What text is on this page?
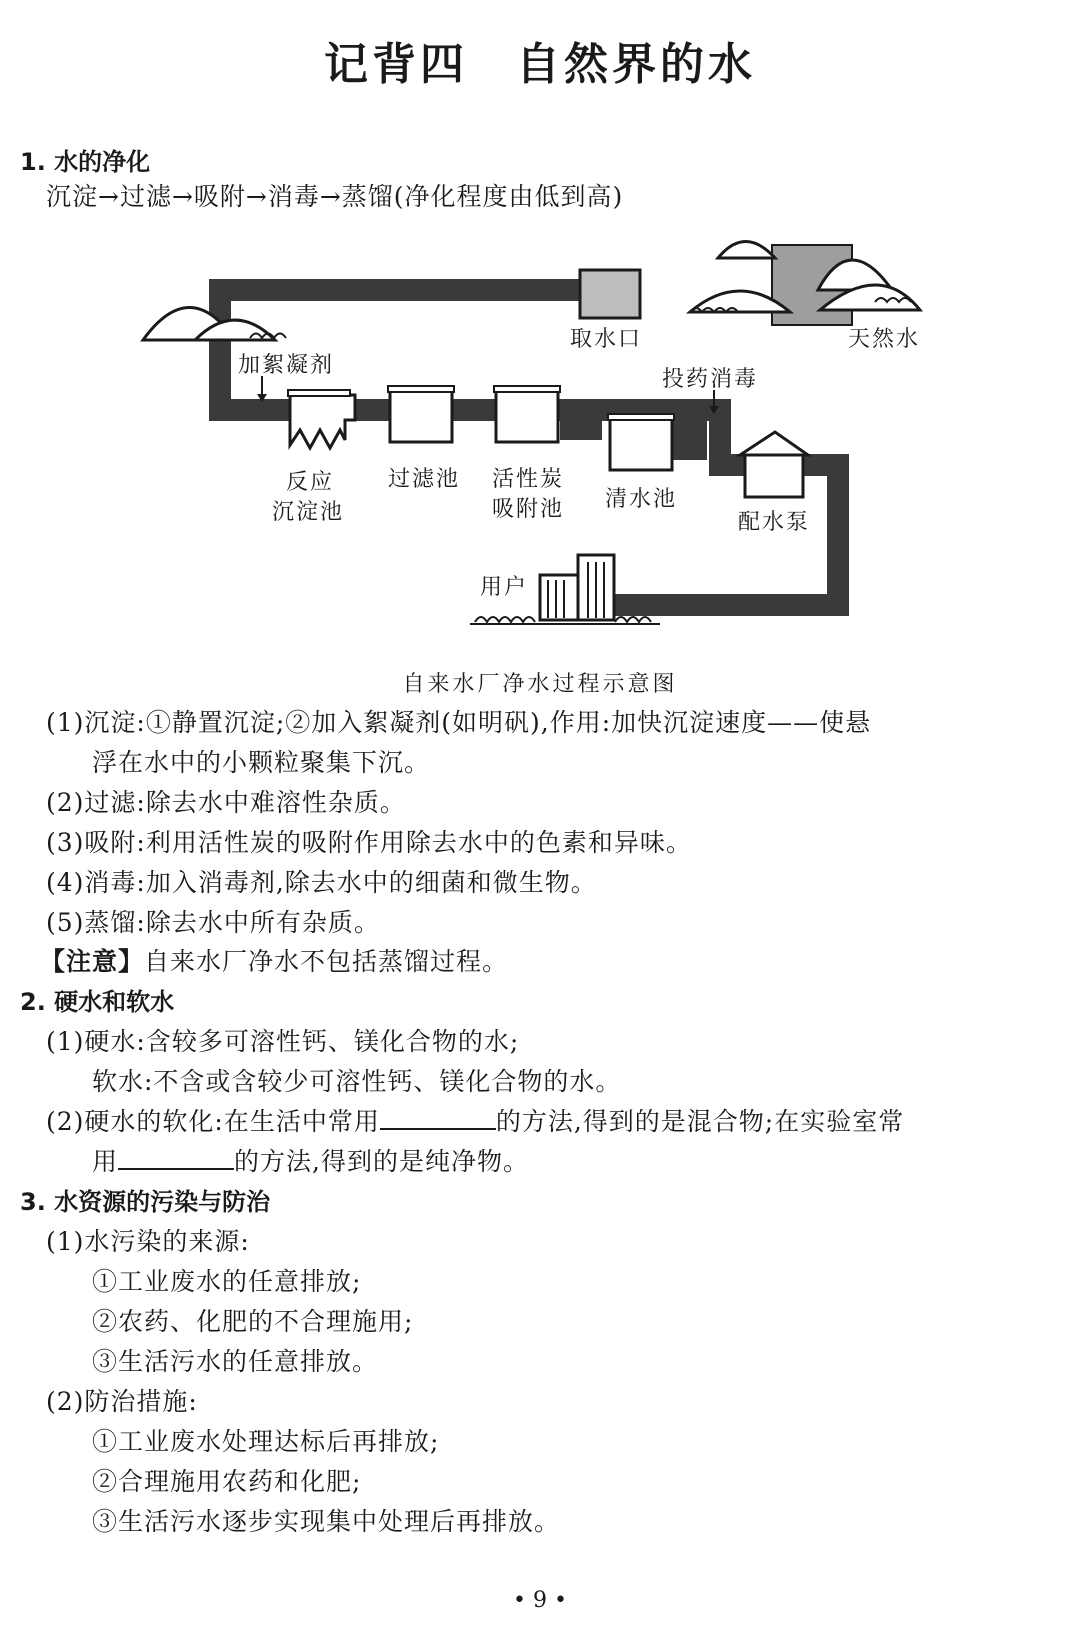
记背四　自然界的水
1. 水的净化
沉淀→过滤→吸附→消毒→蒸馏(净化程度由低到高)
天然水
取水口
加絮凝剂
反应
沉淀池
过滤池 活性炭
吸附池 清水池
投药消毒
配水泵
用户
自来水厂净水过程示意图
(1)沉淀:①静置沉淀;②加入絮凝剂(如明矾),作用:加快沉淀速度——使悬
浮在水中的小颗粒聚集下沉。
(2)过滤:除去水中难溶性杂质。
(3)吸附:利用活性炭的吸附作用除去水中的色素和异味。
(4)消毒:加入消毒剂,除去水中的细菌和微生物。
(5)蒸馏:除去水中所有杂质。
【注意】自来水厂净水不包括蒸馏过程。
2. 硬水和软水
(1)硬水:含较多可溶性钙、镁化合物的水;
软水:不含或含较少可溶性钙、镁化合物的水。
(2)硬水的软化:在生活中常用	的方法,得到的是混合物;在实验室常
用	的方法,得到的是纯净物。
3. 水资源的污染与防治
(1)水污染的来源:
①工业废水的任意排放;
②农药、化肥的不合理施用;
③生活污水的任意排放。
(2)防治措施:
①工业废水处理达标后再排放;
②合理施用农药和化肥;
③生活污水逐步实现集中处理后再排放。
• 9 •
